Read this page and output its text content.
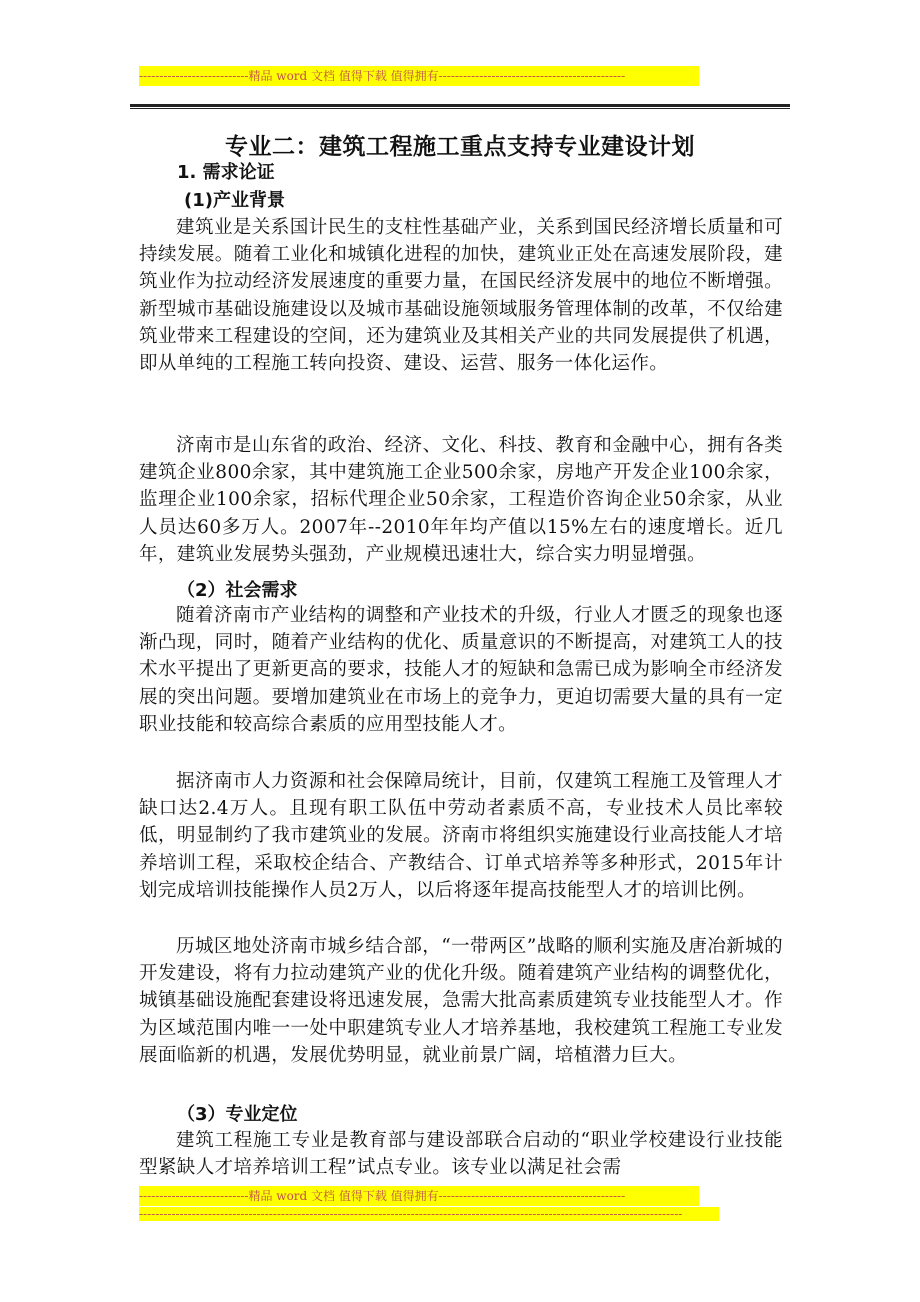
---------------------------精品 word 文档 值得下载 值得拥有----------------------------------------------
专业二：建筑工程施工重点支持专业建设计划
1. 需求论证
(1)产业背景
建筑业是关系国计民生的支柱性基础产业，关系到国民经济增长质量和可持续发展。随着工业化和城镇化进程的加快，建筑业正处在高速发展阶段，建筑业作为拉动经济发展速度的重要力量，在国民经济发展中的地位不断增强。新型城市基础设施建设以及城市基础设施领域服务管理体制的改革，不仅给建筑业带来工程建设的空间，还为建筑业及其相关产业的共同发展提供了机遇，即从单纯的工程施工转向投资、建设、运营、服务一体化运作。
济南市是山东省的政治、经济、文化、科技、教育和金融中心，拥有各类建筑企业800余家，其中建筑施工企业500余家，房地产开发企业100余家，监理企业100余家，招标代理企业50余家，工程造价咨询企业50余家，从业人员达60多万人。2007年--2010年年均产值以15%左右的速度增长。近几年，建筑业发展势头强劲，产业规模迅速壮大，综合实力明显增强。
（2）社会需求
随着济南市产业结构的调整和产业技术的升级，行业人才匮乏的现象也逐渐凸现，同时，随着产业结构的优化、质量意识的不断提高，对建筑工人的技术水平提出了更新更高的要求，技能人才的短缺和急需已成为影响全市经济发展的突出问题。要增加建筑业在市场上的竞争力，更迫切需要大量的具有一定职业技能和较高综合素质的应用型技能人才。
据济南市人力资源和社会保障局统计，目前，仅建筑工程施工及管理人才缺口达2.4万人。且现有职工队伍中劳动者素质不高，专业技术人员比率较低，明显制约了我市建筑业的发展。济南市将组织实施建设行业高技能人才培养培训工程，采取校企结合、产教结合、订单式培养等多种形式，2015年计划完成培训技能操作人员2万人，以后将逐年提高技能型人才的培训比例。
历城区地处济南市城乡结合部，“一带两区”战略的顺利实施及唐冶新城的开发建设，将有力拉动建筑产业的优化升级。随着建筑产业结构的调整优化，城镇基础设施配套建设将迅速发展，急需大批高素质建筑专业技能型人才。作为区域范围内唯一一处中职建筑专业人才培养基地，我校建筑工程施工专业发展面临新的机遇，发展优势明显，就业前景广阔，培植潜力巨大。
（3）专业定位
建筑工程施工专业是教育部与建设部联合启动的“职业学校建设行业技能型紧缺人才培养培训工程”试点专业。该专业以满足社会需
---------------------------精品 word 文档 值得下载 值得拥有----------------------------------------------
--------------------------------------------------------------------------------------------------------------------------------------
